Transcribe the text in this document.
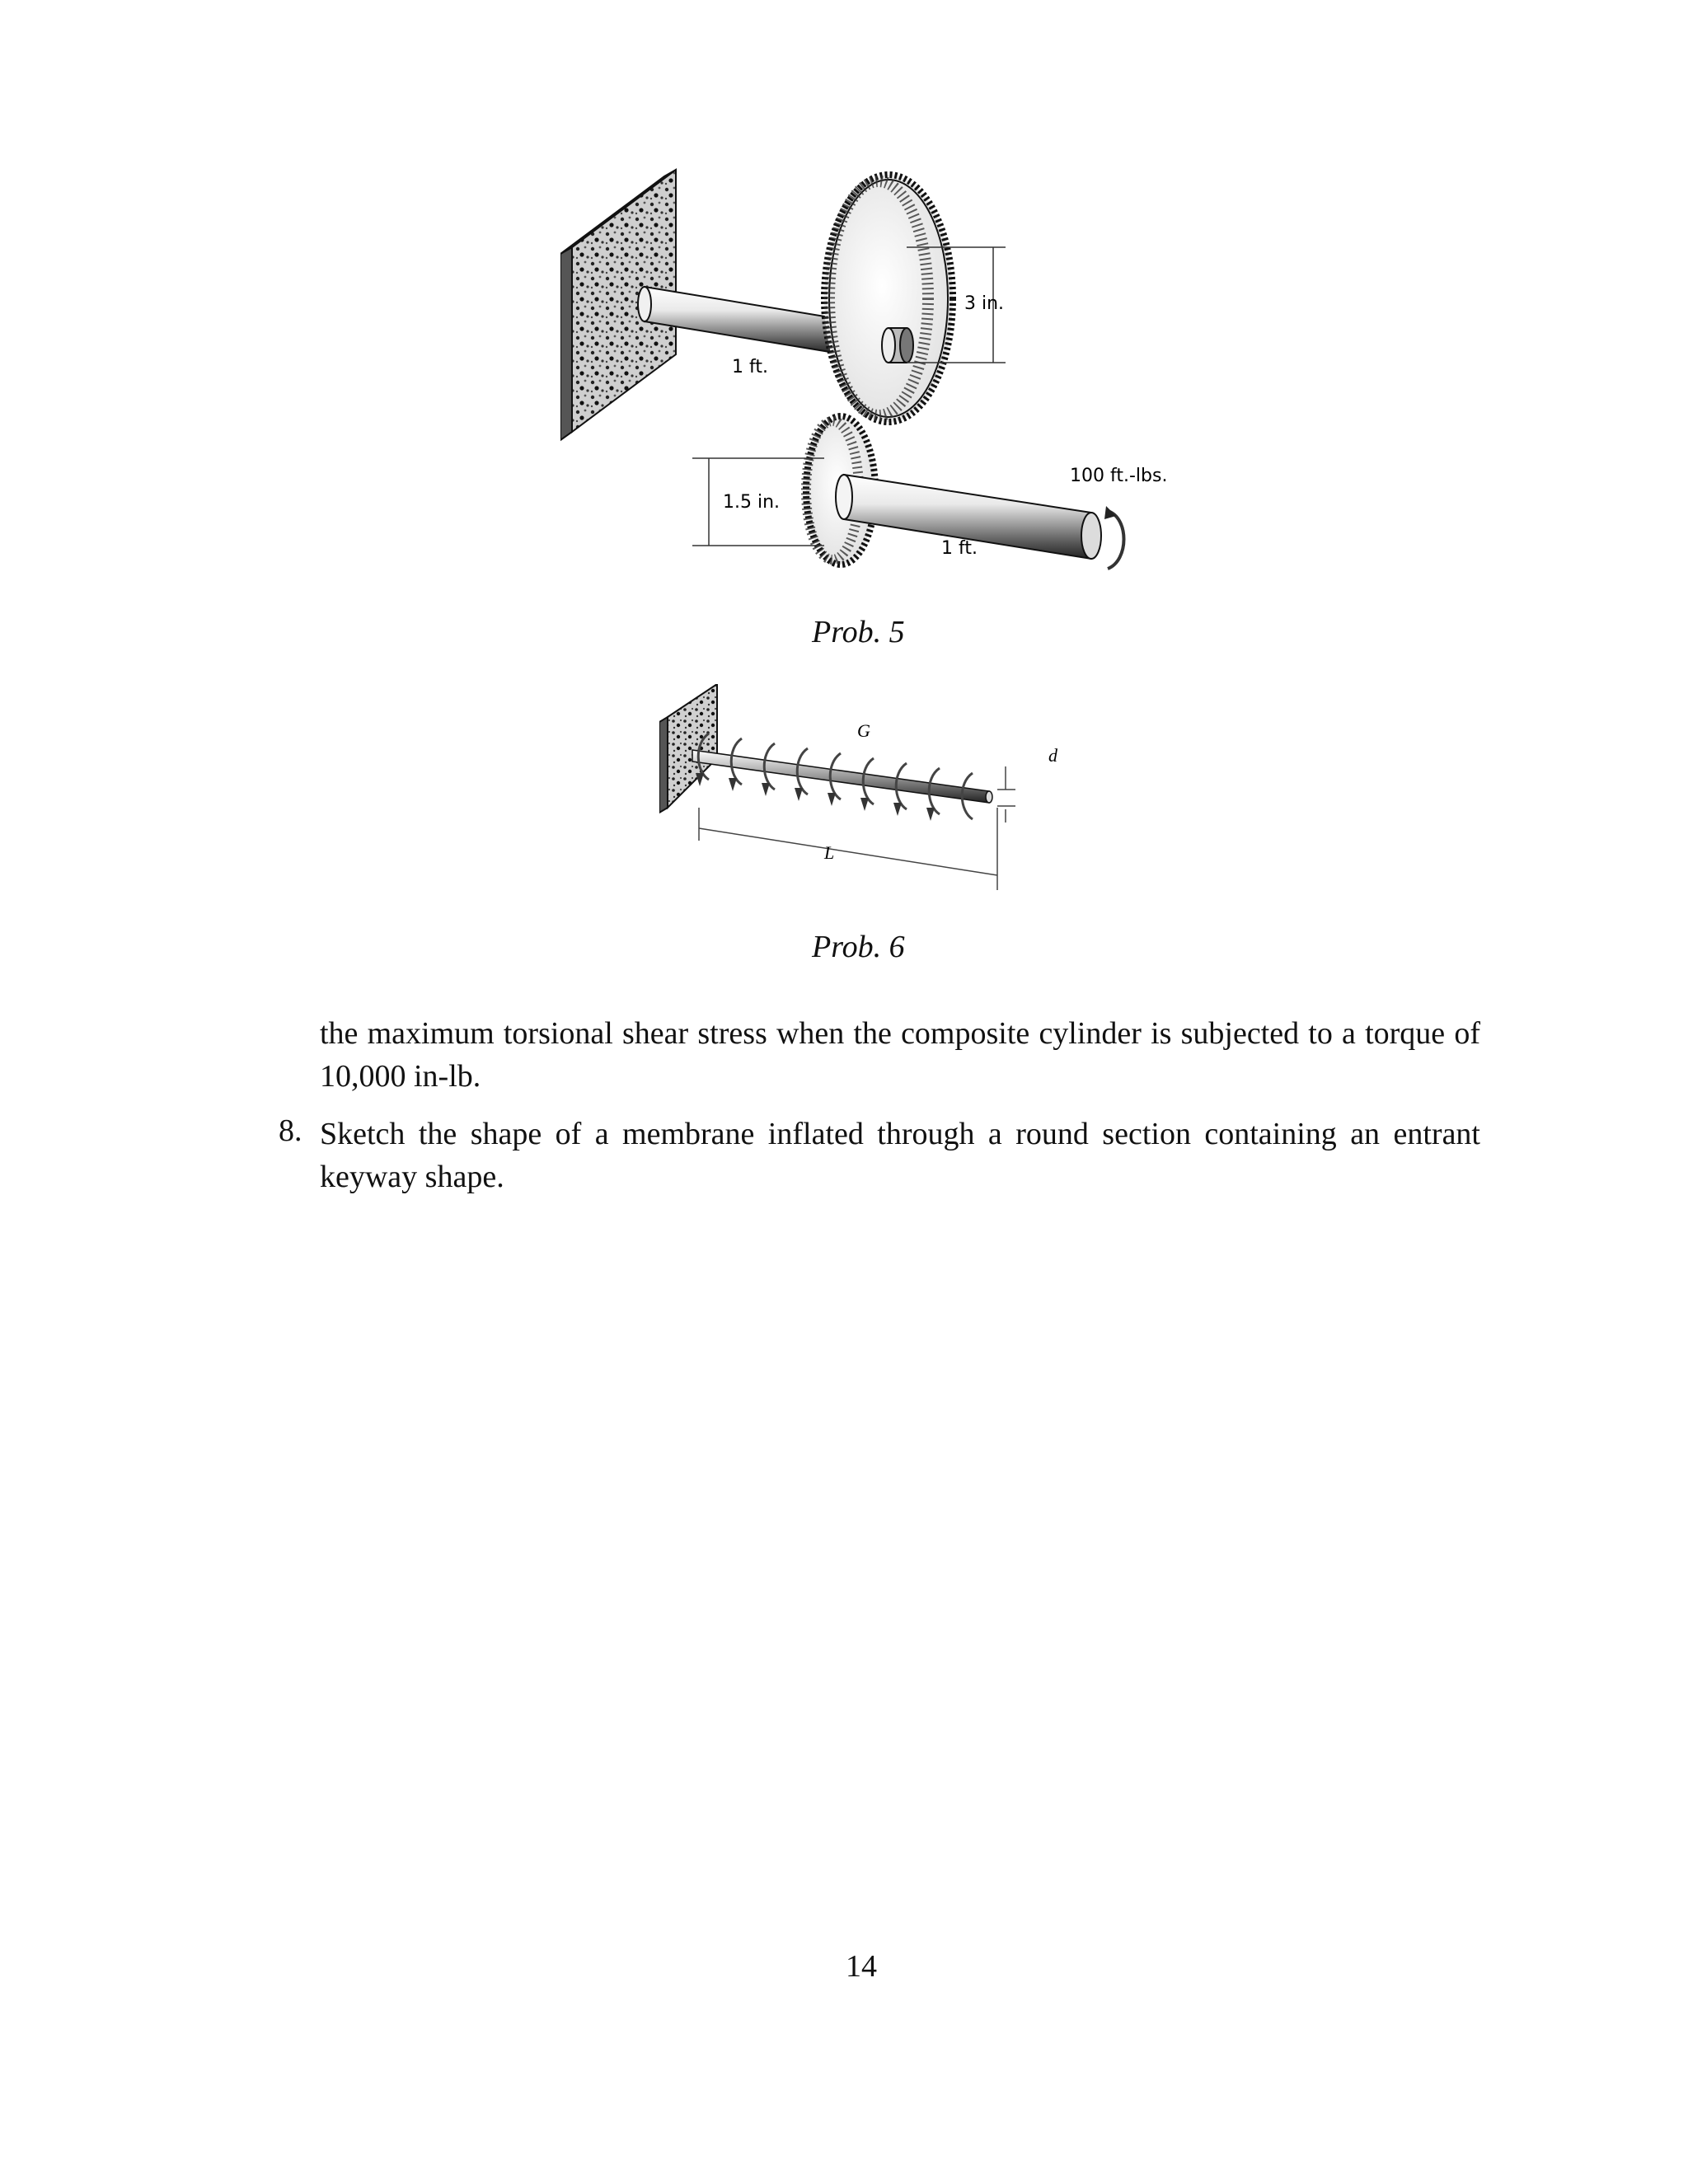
1 ft.
3 in.
1.5 in.
1 ft.
100 ft.-lbs.
Prob. 5
G
d
L
Prob. 6
the maximum torsional shear stress when the composite cylinder is subjected to a torque of 10,000 in-lb.
8. Sketch the shape of a membrane inflated through a round section containing an entrant keyway shape.
14
